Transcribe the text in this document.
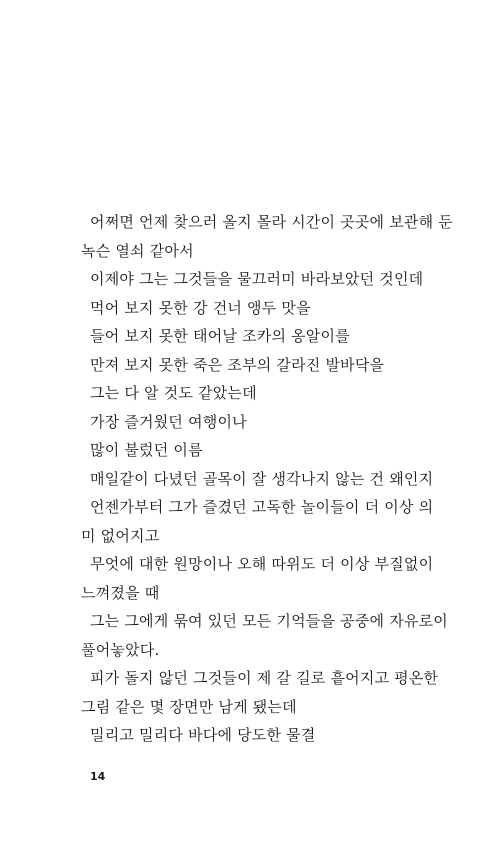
어쩌면 언제 찾으러 올지 몰라 시간이 곳곳에 보관해 둔
녹슨 열쇠 같아서
이제야 그는 그것들을 물끄러미 바라보았던 것인데
먹어 보지 못한 강 건너 앵두 맛을
들어 보지 못한 태어날 조카의 옹알이를
만져 보지 못한 죽은 조부의 갈라진 발바닥을
그는 다 알 것도 같았는데
가장 즐거웠던 여행이나
많이 불렀던 이름
매일같이 다녔던 골목이 잘 생각나지 않는 건 왜인지
언젠가부터 그가 즐겼던 고독한 놀이들이 더 이상 의
미 없어지고
무엇에 대한 원망이나 오해 따위도 더 이상 부질없이
느껴졌을 때
그는 그에게 묶여 있던 모든 기억들을 공중에 자유로이
풀어놓았다.
피가 돌지 않던 그것들이 제 갈 길로 흩어지고 평온한
그림 같은 몇 장면만 남게 됐는데
밀리고 밀리다 바다에 당도한 물결
14
